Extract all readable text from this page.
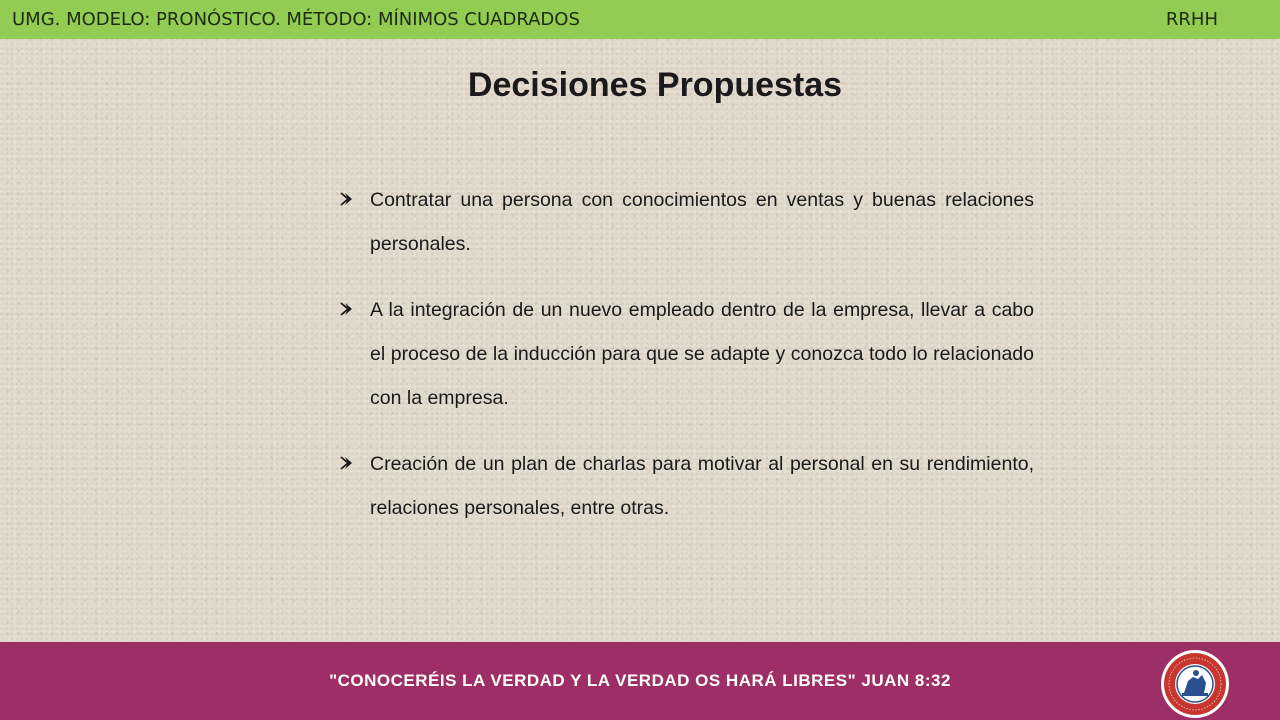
UMG. MODELO: PRONÓSTICO. MÉTODO: MÍNIMOS CUADRADOS	RRHH
Decisiones Propuestas
Contratar una persona con conocimientos en ventas y buenas relaciones personales.
A la integración de un nuevo empleado dentro de la empresa, llevar a cabo el proceso de la inducción para que se adapte y conozca todo lo relacionado con la empresa.
Creación de un plan de charlas para motivar al personal en su rendimiento, relaciones personales, entre otras.
"CONOCERÉIS LA VERDAD Y LA VERDAD OS HARÁ LIBRES" JUAN 8:32
